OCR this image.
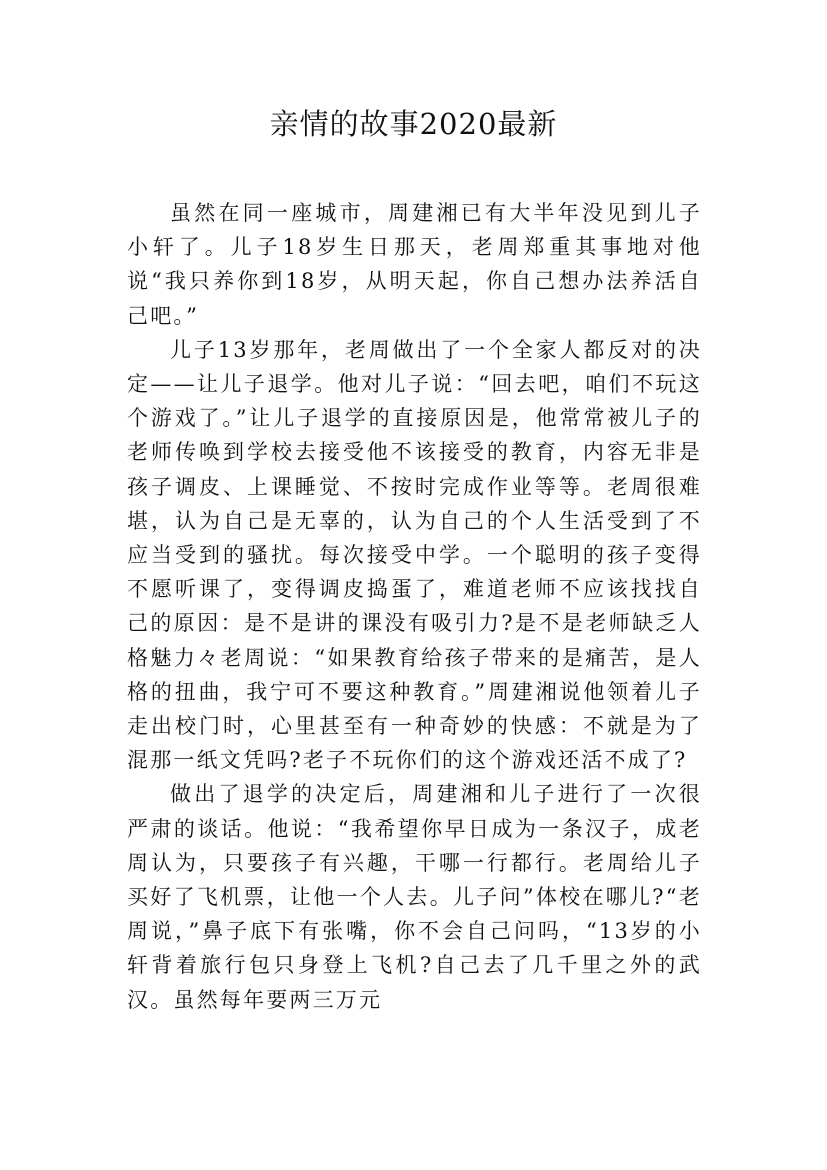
亲情的故事2020最新

虽然在同一座城市，周建湘已有大半年没见到儿子小轩了。儿子18岁生日那天，老周郑重其事地对他说“我只养你到18岁，从明天起，你自己想办法养活自己吧。”

儿子13岁那年，老周做出了一个全家人都反对的决定——让儿子退学。他对儿子说：“回去吧，咱们不玩这个游戏了。”让儿子退学的直接原因是，他常常被儿子的老师传唤到学校去接受他不该接受的教育，内容无非是孩子调皮、上课睡觉、不按时完成作业等等。老周很难堪，认为自己是无辜的，认为自己的个人生活受到了不应当受到的骚扰。每次接受中学。一个聪明的孩子变得不愿听课了，变得调皮捣蛋了，难道老师不应该找找自己的原因：是不是讲的课没有吸引力?是不是老师缺乏人格魅力々老周说：“如果教育给孩子带来的是痛苦，是人格的扭曲，我宁可不要这种教育。”周建湘说他领着儿子走出校门时，心里甚至有一种奇妙的快感：不就是为了混那一纸文凭吗?老子不玩你们的这个游戏还活不成了?

做出了退学的决定后，周建湘和儿子进行了一次很严肃的谈话。他说：“我希望你早日成为一条汉子，成老周认为，只要孩子有兴趣，干哪一行都行。老周给儿子买好了飞机票，让他一个人去。儿子问”体校在哪儿?“老周说，”鼻子底下有张嘴，你不会自己问吗，“13岁的小轩背着旅行包只身登上飞机?自己去了几千里之外的武汉。虽然每年要两三万元
